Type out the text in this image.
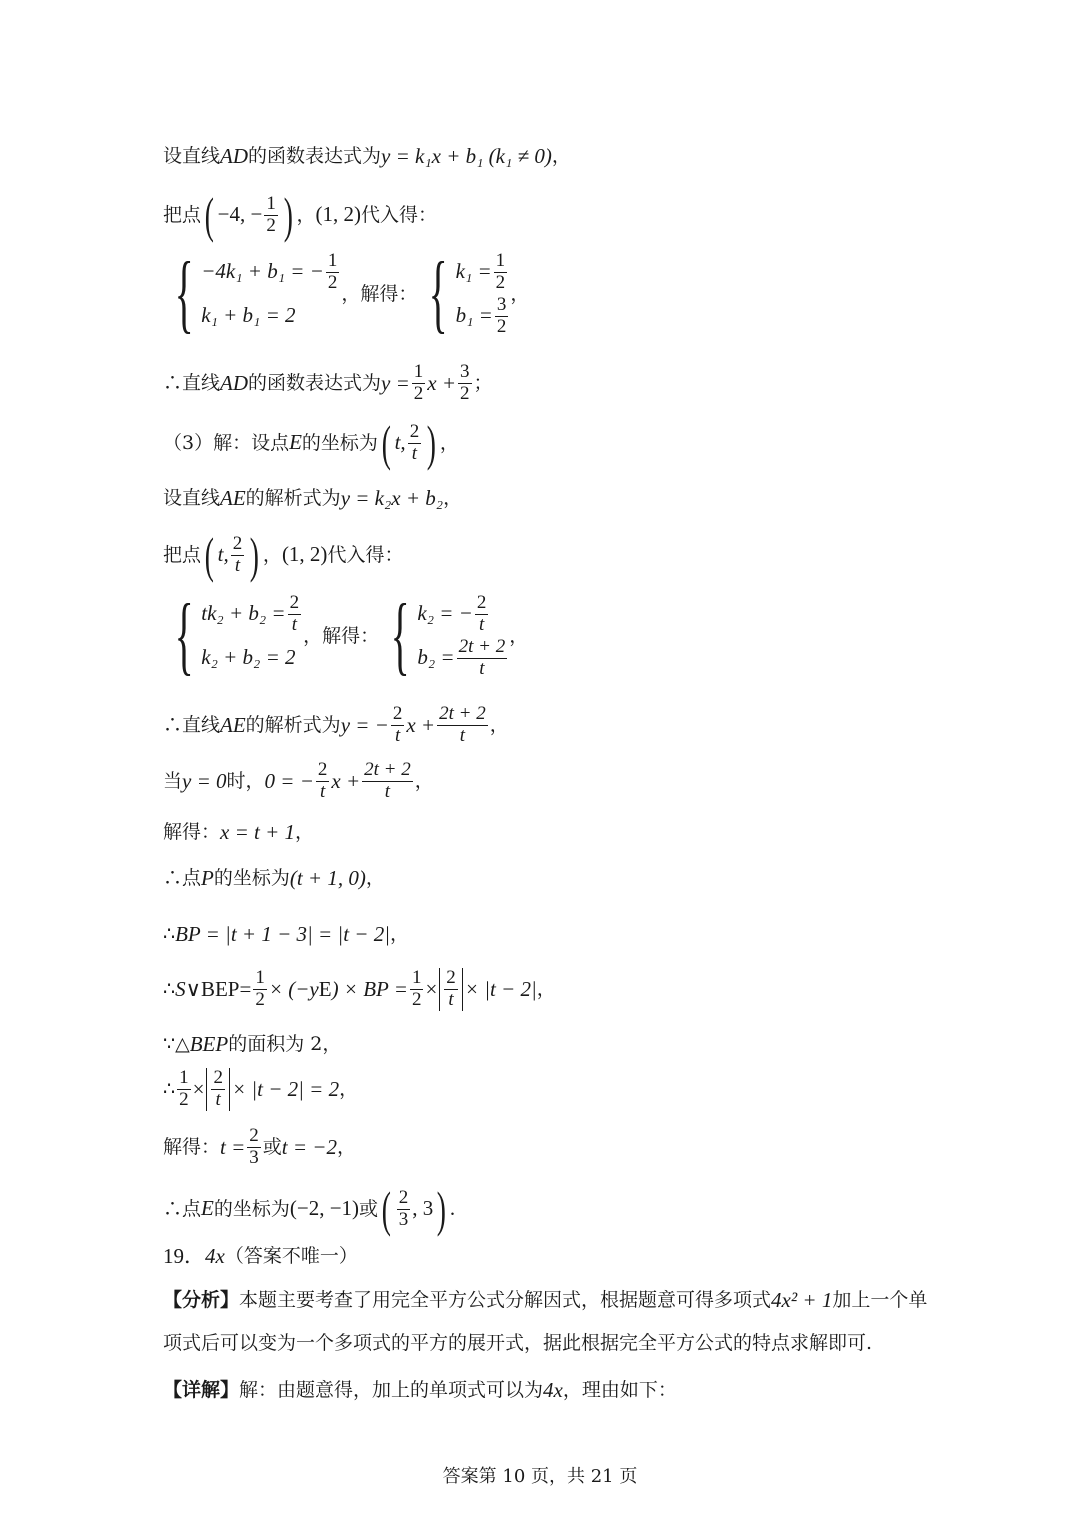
设直线 AD 的函数表达式为 y = k₁x + b₁ (k₁ ≠ 0) ，
把点 ( −4, − $\frac{1}{2}$ ) ， (1, 2) 代入得：
{ −4k₁ + b₁ = − $\frac{1}{2}$
k₁ + b₁ = 2
，解得： { $k_1 = \frac{1}{2}$
$b_1 = \frac{3}{2}$
，
∴直线 AD 的函数表达式为 $y = \frac{1}{2}$ $x + \frac{3}{2}$ ；
（3）解：设点 E 的坐标为 ( t, $\frac{2}{t}$ ) ，
设直线 AE 的解析式为 y = k₂x + b₂ ，
把点 ( t, $\frac{2}{t}$ ) ， (1, 2) 代入得：
{ $tk_2 + b_2 = \frac{2}{t}$
k₂ + b₂ = 2
，解得： { k₂ = − $\frac{2}{t}$
$b_2 = \frac{2t + 2}{t}$
，
∴直线 AE 的解析式为 y = − $\frac{2}{t}$ $x + \frac{2t + 2}{t}$ ，
当 y = 0 时， 0 = − $\frac{2}{t}$ $x + \frac{2t + 2}{t}$ ，
解得： x = t + 1 ，
∴点 P 的坐标为 (t + 1, 0) ，
∴ BP = |t + 1 − 3| = |t − 2| ，
∴ S ∨BEP = $\frac{1}{2} \times (-y$ E ) × BP = $\frac{1}{2} \times \frac{2}{t} \times |t - 2|$ ，
∵△ BEP 的面积为 2，
∴ $\frac{1}{2} \times \frac{2}{t} \times |t - 2| = 2$ ，
解得： $t = \frac{2}{3}$ 或 t = −2 ，
∴点 E 的坐标为 (−2, −1) 或 ( $\frac{2}{3}$ , 3 ) .
19． 4x （答案不唯一）
【分析】 本题主要考查了用完全平方公式分解因式，根据题意可得多项式 4x² + 1 加上一个单
项式后可以变为一个多项式的平方的展开式，据此根据完全平方公式的特点求解即可.
【详解】 解：由题意得，加上的单项式可以为 4x ，理由如下：
答案第 10 页，共 21 页
